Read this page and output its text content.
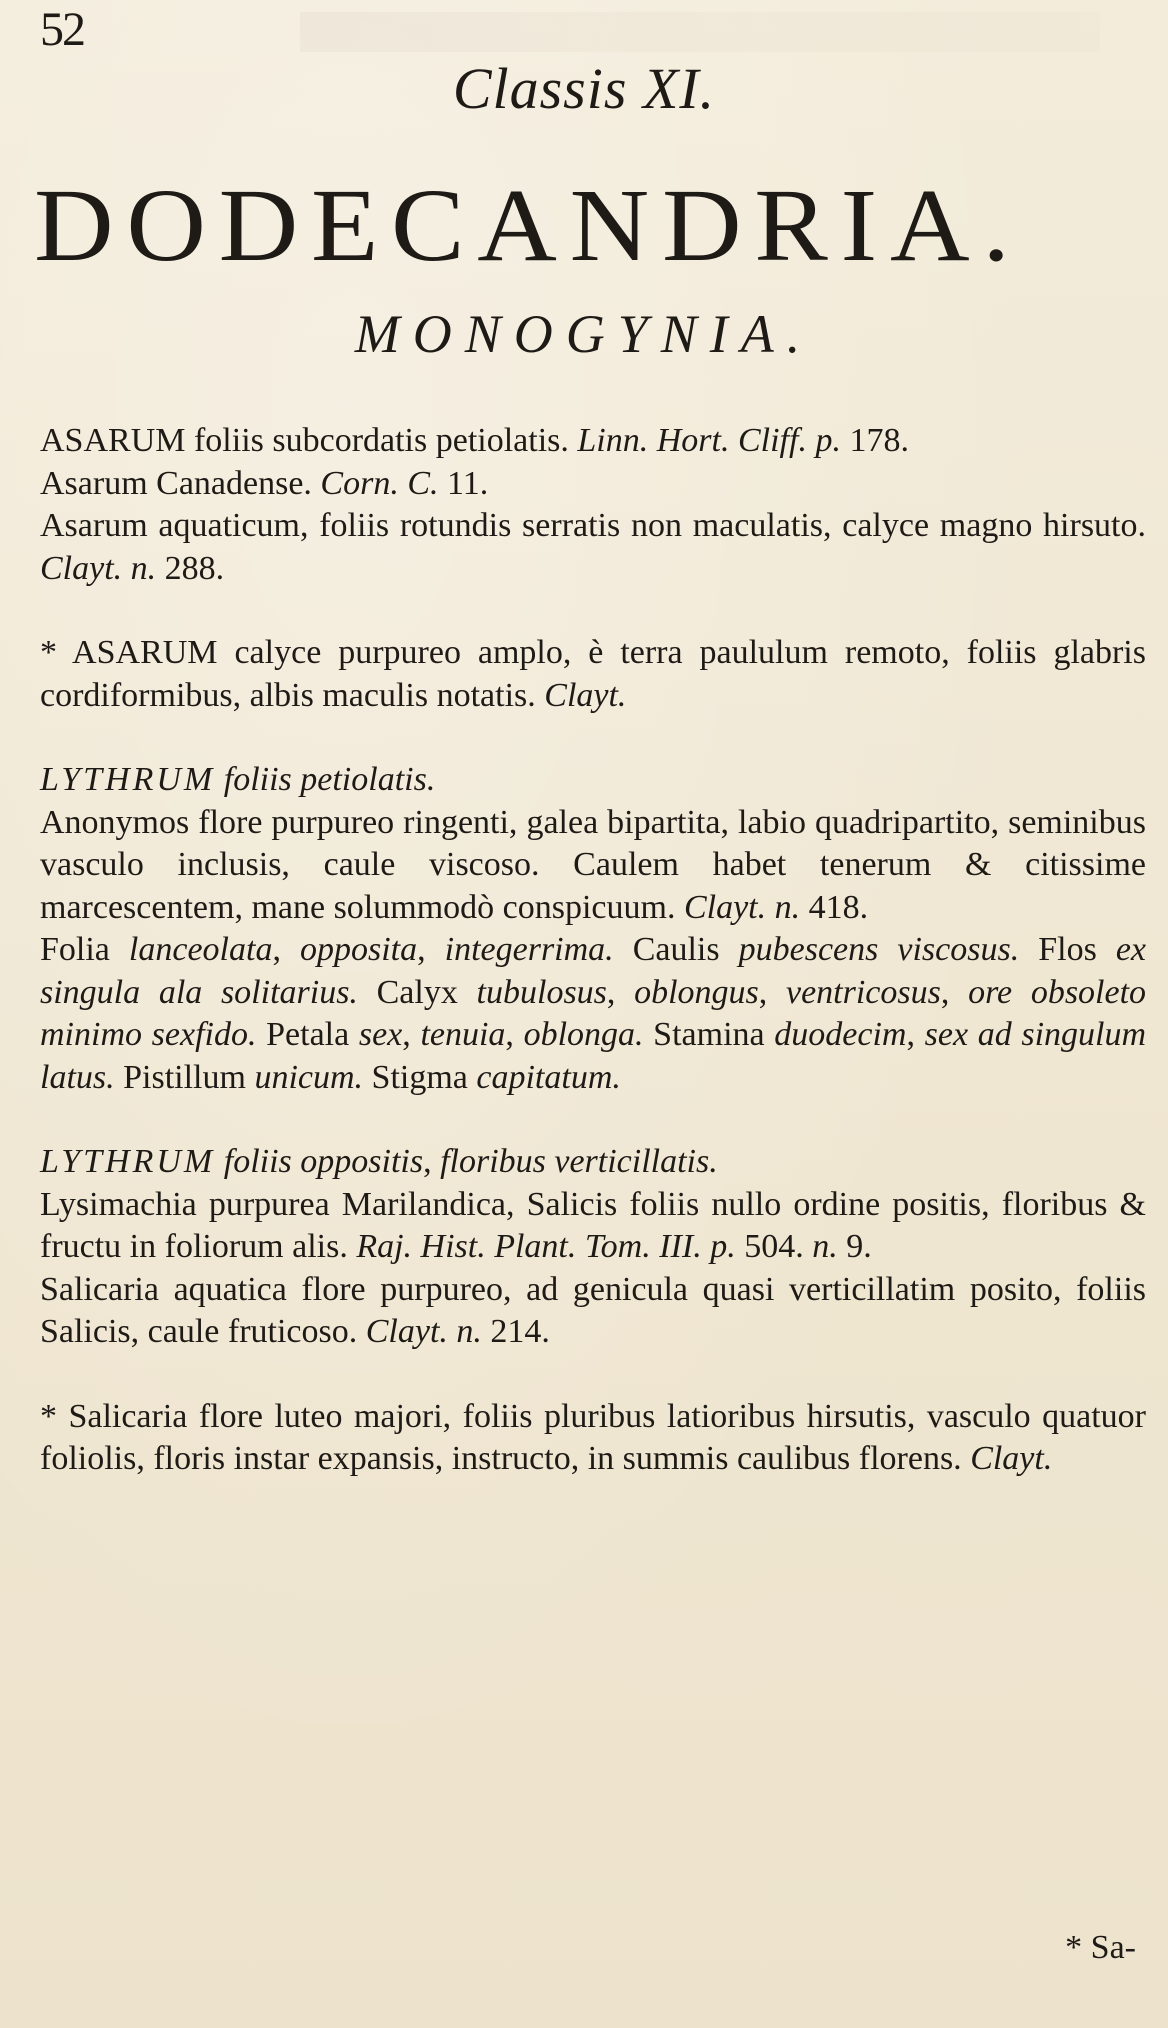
52
Classis XI.
DODECANDRIA.
MONOGYNIA.

ASARUM foliis subcordatis petiolatis. Linn. Hort. Cliff. p. 178.

Asarum Canadense. Corn. C. 11.

Asarum aquaticum, foliis rotundis serratis non maculatis, calyce magno hirsuto. Clayt. n. 288.

* ASARUM calyce purpureo amplo, è terra paululum remoto, foliis glabris cordiformibus, albis maculis notatis. Clayt.

LYTHRUM foliis petiolatis.

Anonymos flore purpureo ringenti, galea bipartita, labio quadripartito, seminibus vasculo inclusis, caule viscoso. Caulem habet tenerum & citissime marcescentem, mane solummodò conspicuum. Clayt. n. 418.

Folia lanceolata, opposita, integerrima. Caulis pubescens viscosus. Flos ex singula ala solitarius. Calyx tubulosus, oblongus, ventricosus, ore obsoleto minimo sexfido. Petala sex, tenuia, oblonga. Stamina duodecim, sex ad singulum latus. Pistillum unicum. Stigma capitatum.

LYTHRUM foliis oppositis, floribus verticillatis.

Lysimachia purpurea Marilandica, Salicis foliis nullo ordine positis, floribus & fructu in foliorum alis. Raj. Hist. Plant. Tom. III. p. 504. n. 9.

Salicaria aquatica flore purpureo, ad genicula quasi verticillatim posito, foliis Salicis, caule fruticoso. Clayt. n. 214.

* Salicaria flore luteo majori, foliis pluribus latioribus hirsutis, vasculo quatuor foliolis, floris instar expansis, instructo, in summis caulibus florens. Clayt.

* Sa-
